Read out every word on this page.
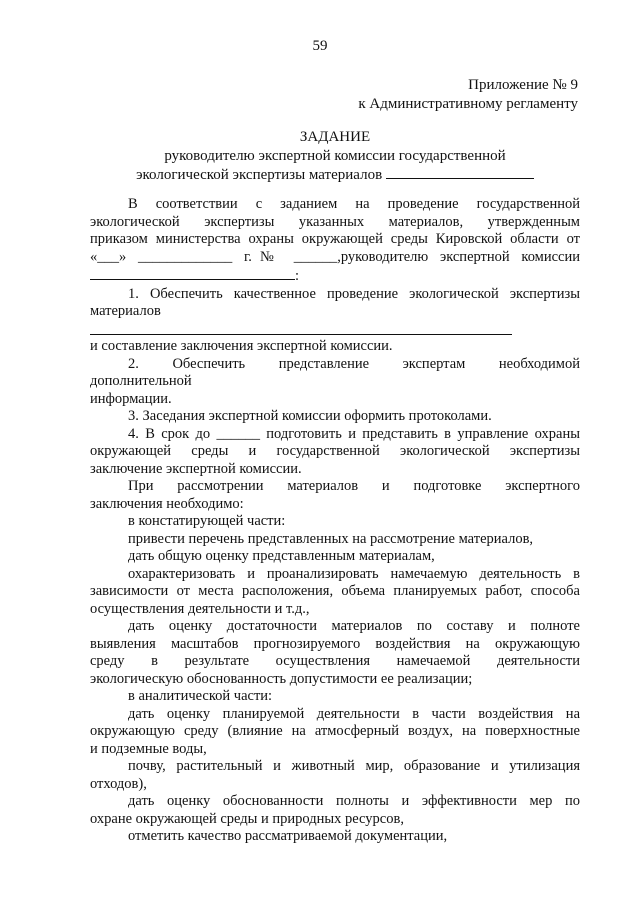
59
Приложение № 9
к Административному регламенту
ЗАДАНИЕ
руководителю экспертной комиссии государственной
экологической экспертизы материалов
В соответствии с заданием на проведение государственной
экологической экспертизы указанных материалов, утвержденным
приказом министерства охраны окружающей среды Кировской области от
«___» _____________ г.№ ______,руководителю экспертной комиссии
:
1. Обеспечить качественное проведение экологической экспертизы
материалов
и составление заключения экспертной комиссии.
2. Обеспечить представление экспертам необходимой
дополнительной
информации.
3. Заседания экспертной комиссии оформить протоколами.
4. В срок до ______ подготовить и представить в управление охраны
окружающей среды и государственной экологической экспертизы
заключение экспертной комиссии.
При рассмотрении материалов и подготовке экспертного
заключения необходимо:
в констатирующей части:
привести перечень представленных на рассмотрение материалов,
дать общую оценку представленным материалам,
охарактеризовать и проанализировать намечаемую деятельность в
зависимости от места расположения, объема планируемых работ, способа
осуществления деятельности и т.д.,
дать оценку достаточности материалов по составу и полноте
выявления масштабов прогнозируемого воздействия на окружающую
среду в результате осуществления намечаемой деятельности
экологическую обоснованность допустимости ее реализации;
в аналитической части:
дать оценку планируемой деятельности в части воздействия на
окружающую среду (влияние на атмосферный воздух, на поверхностные
и подземные воды,
почву, растительный и животный мир, образование и утилизация
отходов),
дать оценку обоснованности полноты и эффективности мер по
охране окружающей среды и природных ресурсов,
отметить качество рассматриваемой документации,
